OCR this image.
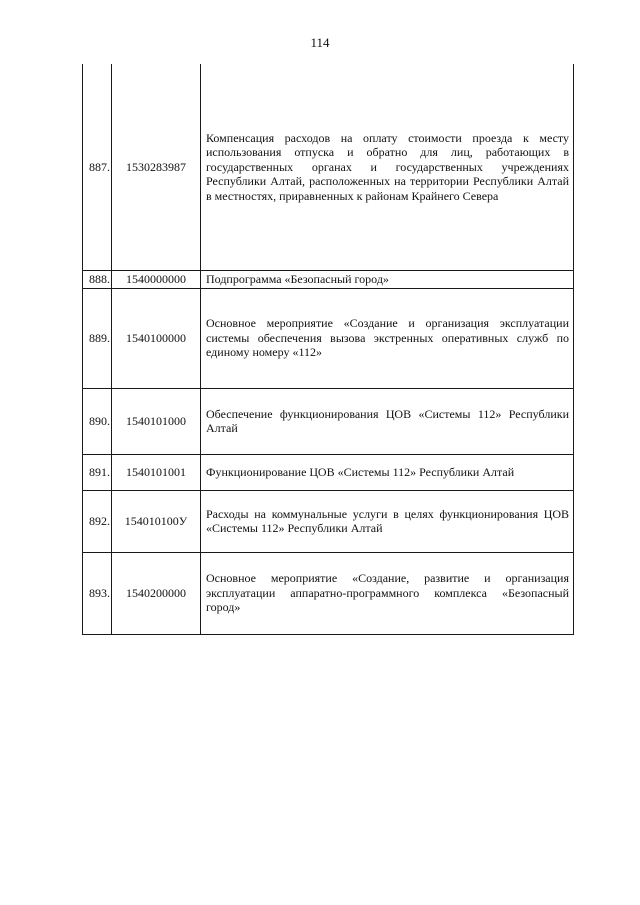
114
887.	1530283987	Компенсация расходов на оплату стоимости проезда к месту использования отпуска и обратно для лиц, работающих в государственных органах и государственных учреждениях Республики Алтай, расположенных на территории Республики Алтай в местностях, приравненных к районам Крайнего Севера
888.	1540000000	Подпрограмма «Безопасный город»
889.	1540100000	Основное мероприятие «Создание и организация эксплуатации системы обеспечения вызова экстренных оперативных служб по единому номеру «112»
890.	1540101000	Обеспечение функционирования ЦОВ «Системы 112» Республики Алтай
891.	1540101001	Функционирование ЦОВ «Системы 112» Республики Алтай
892.	154010100У	Расходы на коммунальные услуги в целях функционирования ЦОВ «Системы 112» Республики Алтай
893.	1540200000	Основное мероприятие «Создание, развитие и организация эксплуатации аппаратно-программного комплекса «Безопасный город»
